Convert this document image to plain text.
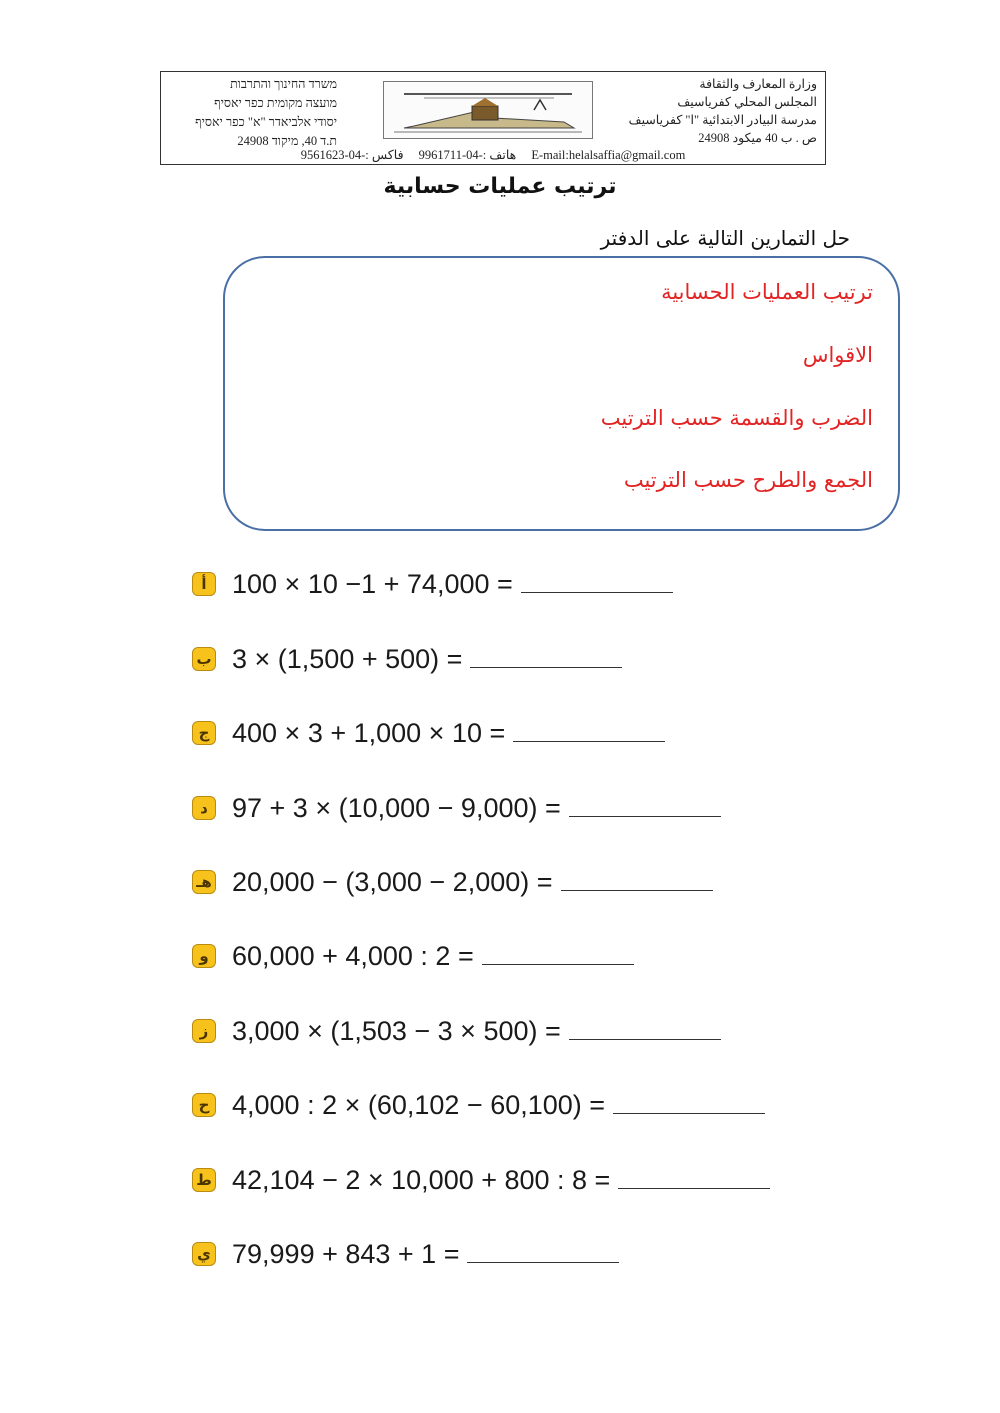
وزارة المعارف والثقافة
المجلس المحلي كفرياسيف
مدرسة البيادر الابتدائية "ا" كفرياسيف
ص . ب 40 ميكود 24908
משרד החינוך והתרבות
מועצה מקומית כפר יאסיף
יסודי אלביאדר "א" כפר יאסיף
ת.ד 40, מיקוד 24908
فاكس :-04-9561623 هاتف :-04-9961711 E-mail:helalsaffia@gmail.com
ترتيب عمليات حسابية
حل التمارين التالية على الدفتر
ترتيب العمليات الحسابية
الاقواس
الضرب والقسمة حسب الترتيب
الجمع والطرح حسب الترتيب
أ 100 × 10 −1 + 74,000 =
ب 3 × (1,500 + 500) =
ج 400 × 3 + 1,000 × 10 =
د 97 + 3 × (10,000 − 9,000) =
هـ 20,000 − (3,000 − 2,000) =
و 60,000 + 4,000 : 2 =
ز 3,000 × (1,503 − 3 × 500) =
ح 4,000 : 2 × (60,102 − 60,100) =
ط 42,104 − 2 × 10,000 + 800 : 8 =
ي 79,999 + 843 + 1 =
